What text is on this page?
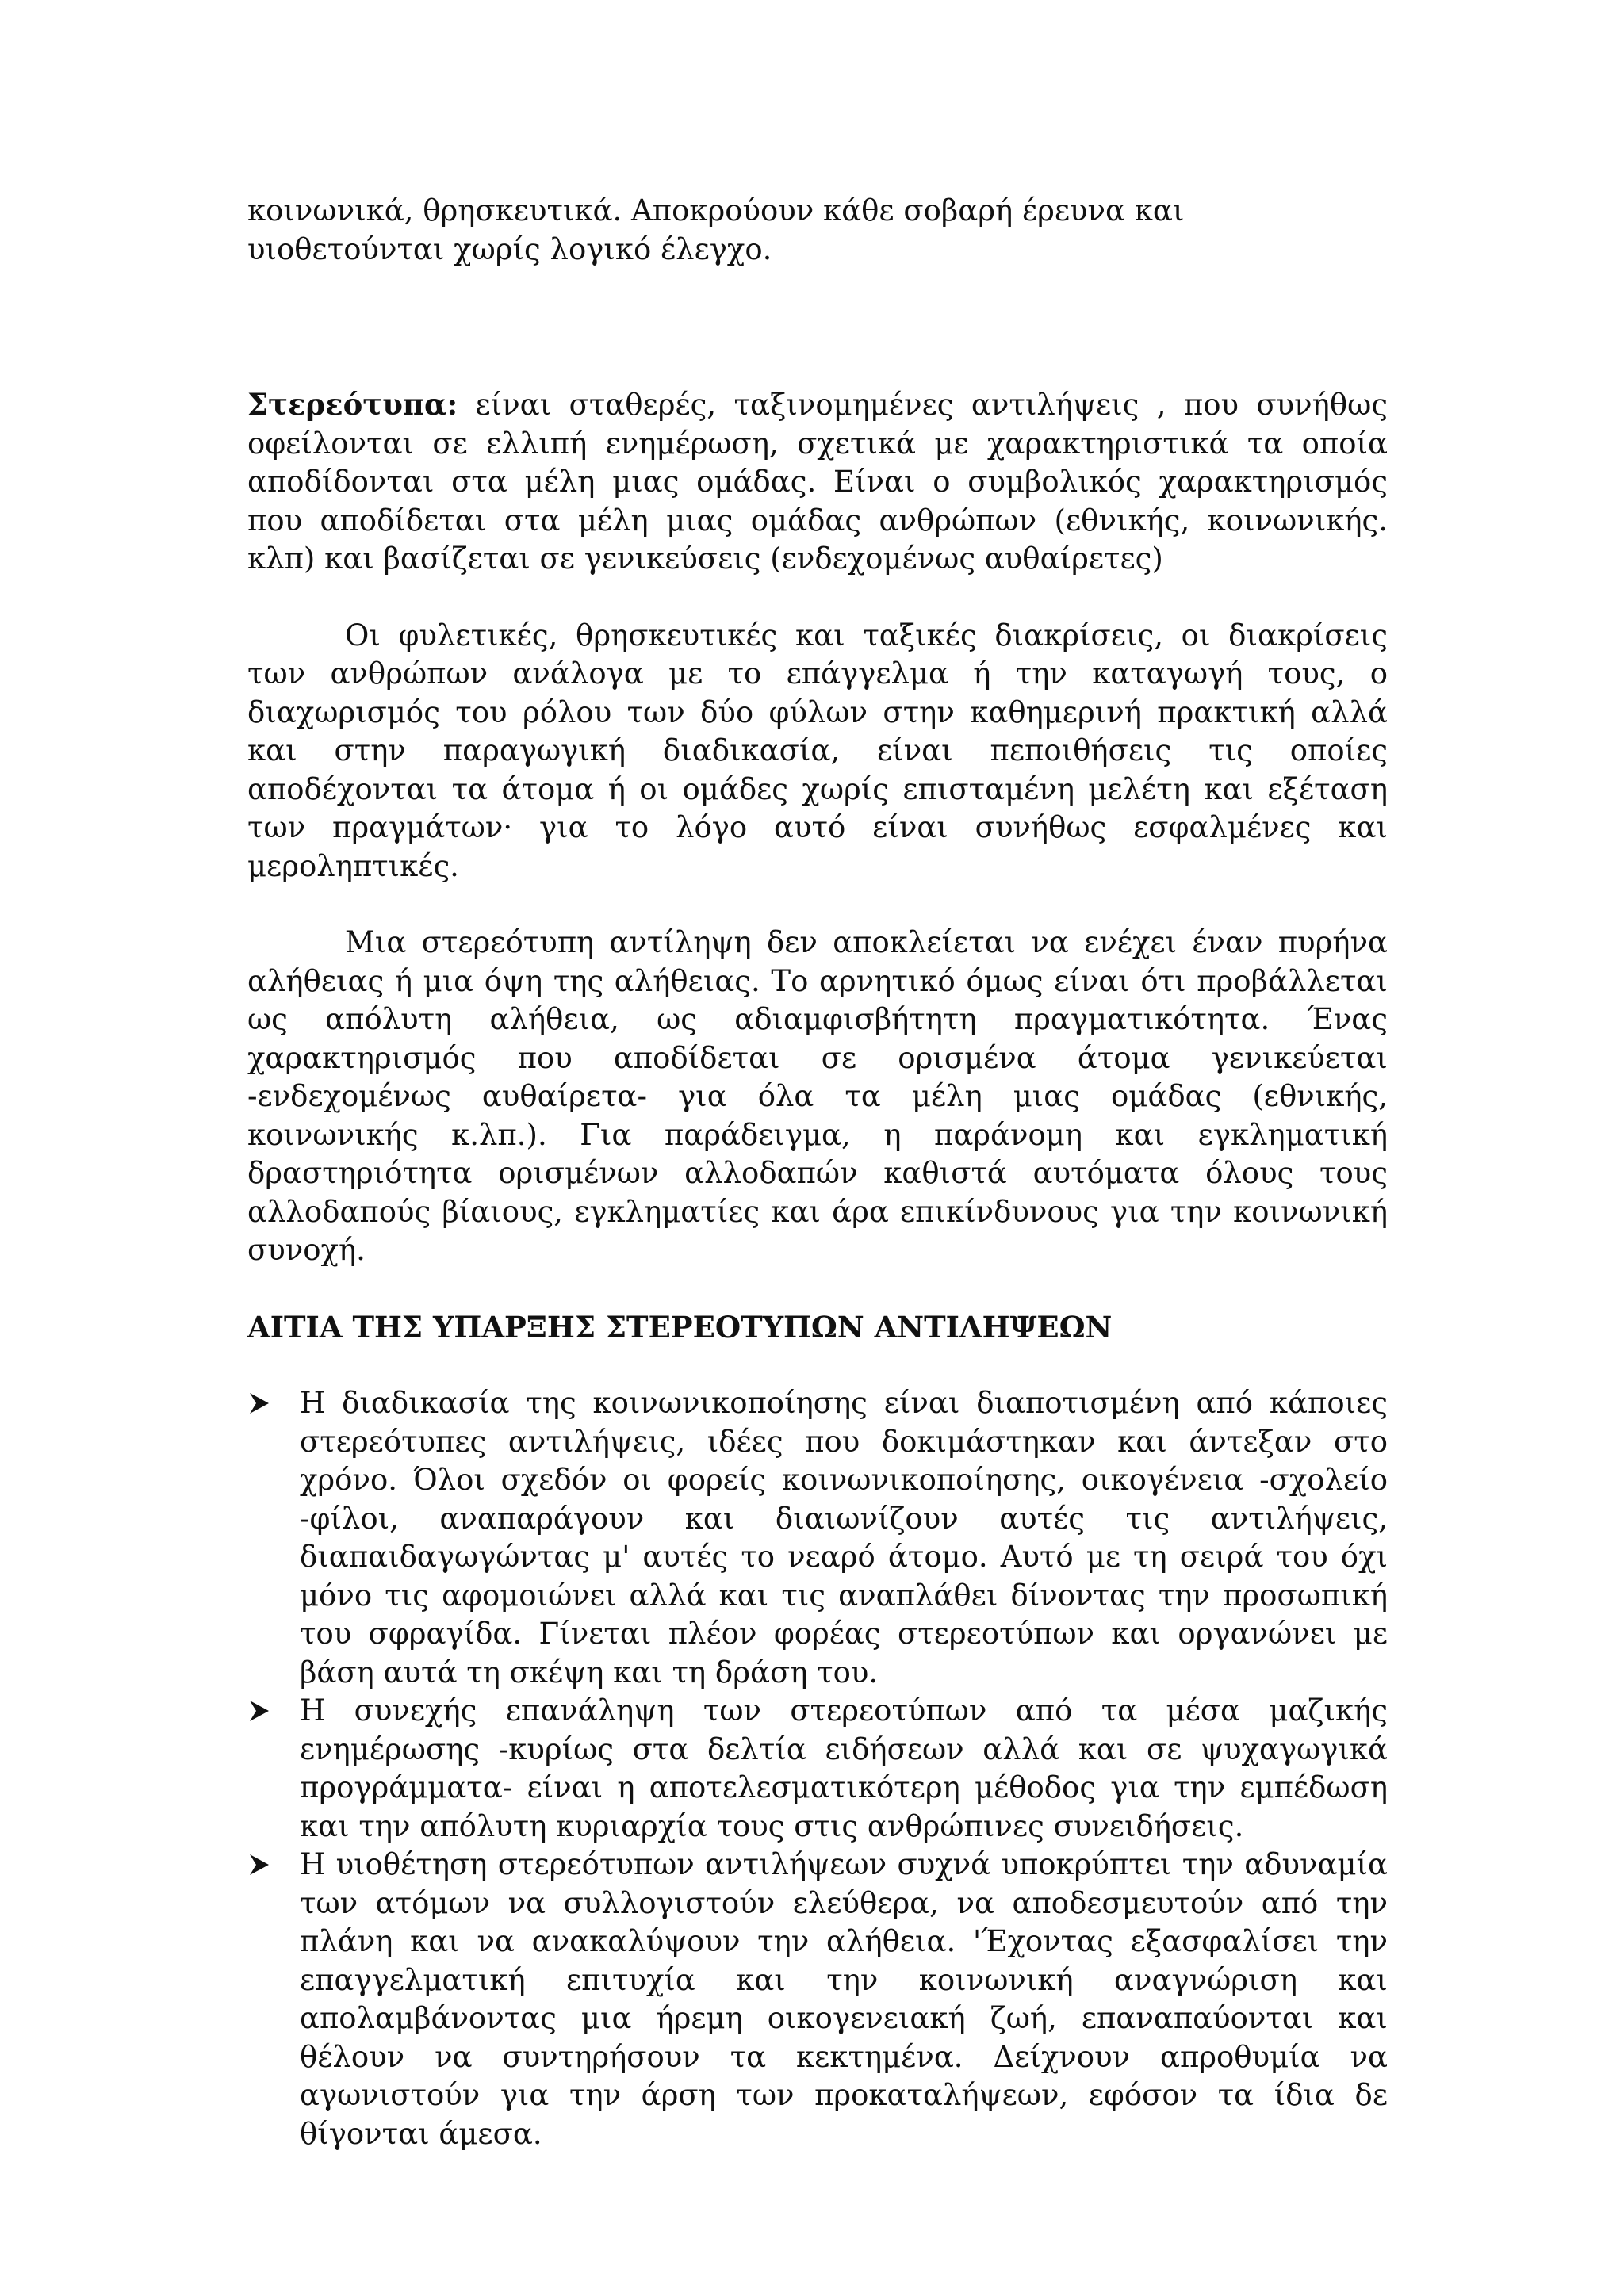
κοινωνικά, θρησκευτικά. Αποκρούουν κάθε σοβαρή έρευνα και υιοθετούνται χωρίς λογικό έλεγχο.

Στερεότυπα: είναι σταθερές, ταξινομημένες αντιλήψεις , που συνήθως οφείλονται σε ελλιπή ενημέρωση, σχετικά με χαρακτηριστικά τα οποία αποδίδονται στα μέλη μιας ομάδας. Είναι ο συμβολικός χαρακτηρισμός που αποδίδεται στα μέλη μιας ομάδας ανθρώπων (εθνικής, κοινωνικής. κλπ) και βασίζεται σε γενικεύσεις (ενδεχομένως αυθαίρετες)

Οι φυλετικές, θρησκευτικές και ταξικές διακρίσεις, οι διακρίσεις των ανθρώπων ανάλογα με το επάγγελμα ή την καταγωγή τους, ο διαχωρισμός του ρόλου των δύο φύλων στην καθημερινή πρακτική αλλά και στην παραγωγική διαδικασία, είναι πεποιθήσεις τις οποίες αποδέχονται τα άτομα ή οι ομάδες χωρίς επισταμένη μελέτη και εξέταση των πραγμάτων· για το λόγο αυτό είναι συνήθως εσφαλμένες και μεροληπτικές.

Μια στερεότυπη αντίληψη δεν αποκλείεται να ενέχει έναν πυρήνα αλήθειας ή μια όψη της αλήθειας. Το αρνητικό όμως είναι ότι προβάλλεται ως απόλυτη αλήθεια, ως αδιαμφισβήτητη πραγματικότητα. Ένας χαρακτηρισμός που αποδίδεται σε ορισμένα άτομα γενικεύεται -ενδεχομένως αυθαίρετα- για όλα τα μέλη μιας ομάδας (εθνικής, κοινωνικής κ.λπ.). Για παράδειγμα, η παράνομη και εγκληματική δραστηριότητα ορισμένων αλλοδαπών καθιστά αυτόματα όλους τους αλλοδαπούς βίαιους, εγκληματίες και άρα επικίνδυνους για την κοινωνική συνοχή.

ΑΙΤΙΑ ΤΗΣ ΥΠΑΡΞΗΣ ΣΤΕΡΕΟΤΥΠΩΝ ΑΝΤΙΛΗΨΕΩΝ

Η διαδικασία της κοινωνικοποίησης είναι διαποτισμένη από κάποιες στερεότυπες αντιλήψεις, ιδέες που δοκιμάστηκαν και άντεξαν στο χρόνο. Όλοι σχεδόν οι φορείς κοινωνικοποίησης, οικογένεια -σχολείο -φίλοι, αναπαράγουν και διαιωνίζουν αυτές τις αντιλήψεις, διαπαιδαγωγώντας μ' αυτές το νεαρό άτομο. Αυτό με τη σειρά του όχι μόνο τις αφομοιώνει αλλά και τις αναπλάθει δίνοντας την προσωπική του σφραγίδα. Γίνεται πλέον φορέας στερεοτύπων και οργανώνει με βάση αυτά τη σκέψη και τη δράση του.
Η συνεχής επανάληψη των στερεοτύπων από τα μέσα μαζικής ενημέρωσης -κυρίως στα δελτία ειδήσεων αλλά και σε ψυχαγωγικά προγράμματα- είναι η αποτελεσματικότερη μέθοδος για την εμπέδωση και την απόλυτη κυριαρχία τους στις ανθρώπινες συνειδήσεις.
Η υιοθέτηση στερεότυπων αντιλήψεων συχνά υποκρύπτει την αδυναμία των ατόμων να συλλογιστούν ελεύθερα, να αποδεσμευτούν από την πλάνη και να ανακαλύψουν την αλήθεια. 'Έχοντας εξασφαλίσει την επαγγελματική επιτυχία και την κοινωνική αναγνώριση και απολαμβάνοντας μια ήρεμη οικογενειακή ζωή, επαναπαύονται και θέλουν να συντηρήσουν τα κεκτημένα. Δείχνουν απροθυμία να αγωνιστούν για την άρση των προκαταλήψεων, εφόσον τα ίδια δε θίγονται άμεσα.
